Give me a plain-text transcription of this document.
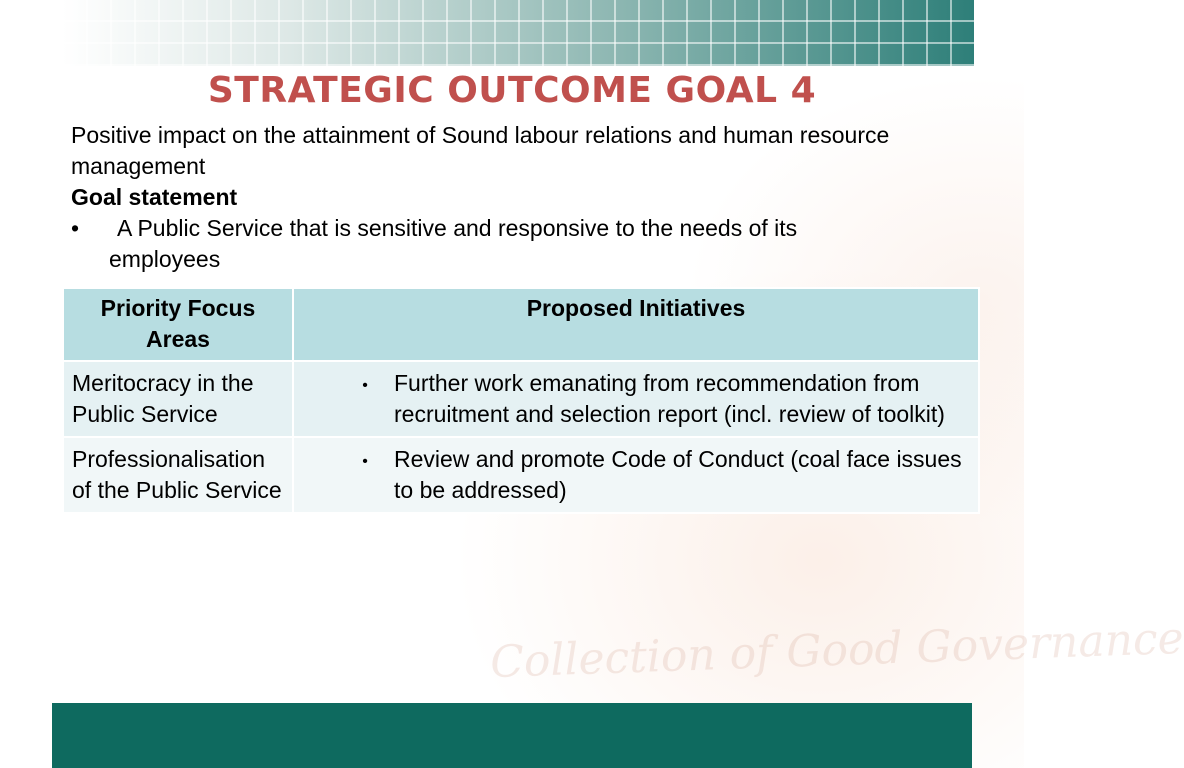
Collection of Good Governance
STRATEGIC OUTCOME GOAL 4

Positive impact on the attainment of Sound labour relations and human resource management

Goal statement

•	A Public Service that is sensitive and responsive to the needs of its
employees
Priority Focus Areas	Proposed Initiatives
Meritocracy in the Public Service	• Further work emanating from recommendation from recruitment and selection report (incl. review of toolkit)

Professionalisation of the Public Service	• Review and promote Code of Conduct (coal face issues to be addressed)
